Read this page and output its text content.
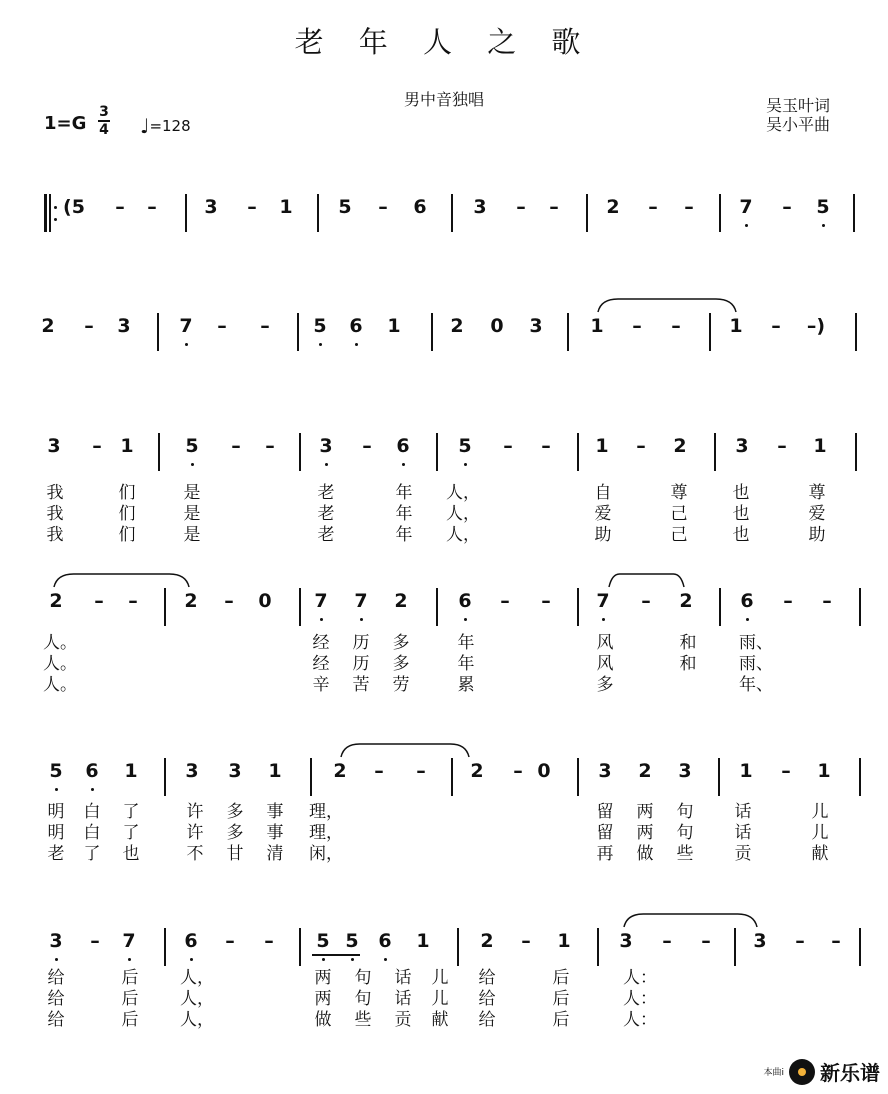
老 年 人 之 歌
男中音独唱	吴玉叶词
吴小平曲
1=G
3
4 ♩=128
(5 – –	3 – 1 5 – 6 3 – –	2 – – 7 – 5
2 – 3	7 – – 5 6 1	2 0 3	1 – –	1 – –)
3 – 1	5 – – 3 – 6	5 – – 1 – 2	3 – 1
我	们	是	老	年 人，	自	尊	也	尊
我	们	是	老	年 人，	爱	己	也	爱
我	们	是	老	年 人，	助	己	也	助
2 – – 2 – 0 7 7 2	6 – – 7 – 2	6 – –
人。	经 历 多	年	风	和	雨、
人。	经 历 多	年	风	和	雨、
人。	辛 苦 劳	累	多	年、
5 6 1	3 3 1	2 – – 2 – 0	3 2 3	1 – 1
明 白 了	许 多 事 理，	留 两 句 话	儿
明 白 了	许 多 事 理，	留 两 句 话	儿
老 了 也	不 甘 清 闲，	再 做 些 贡	献
3 – 7	6 – – 5 5 6 1	2 – 1	3 – – 3 – –
给	后 人，	两 句 话 儿 给	后	人：
给	后 人，	两 句 话 儿 给	后	人：
给	后 人，	做 些 贡 献 给	后	人：
本曲i 新乐谱
